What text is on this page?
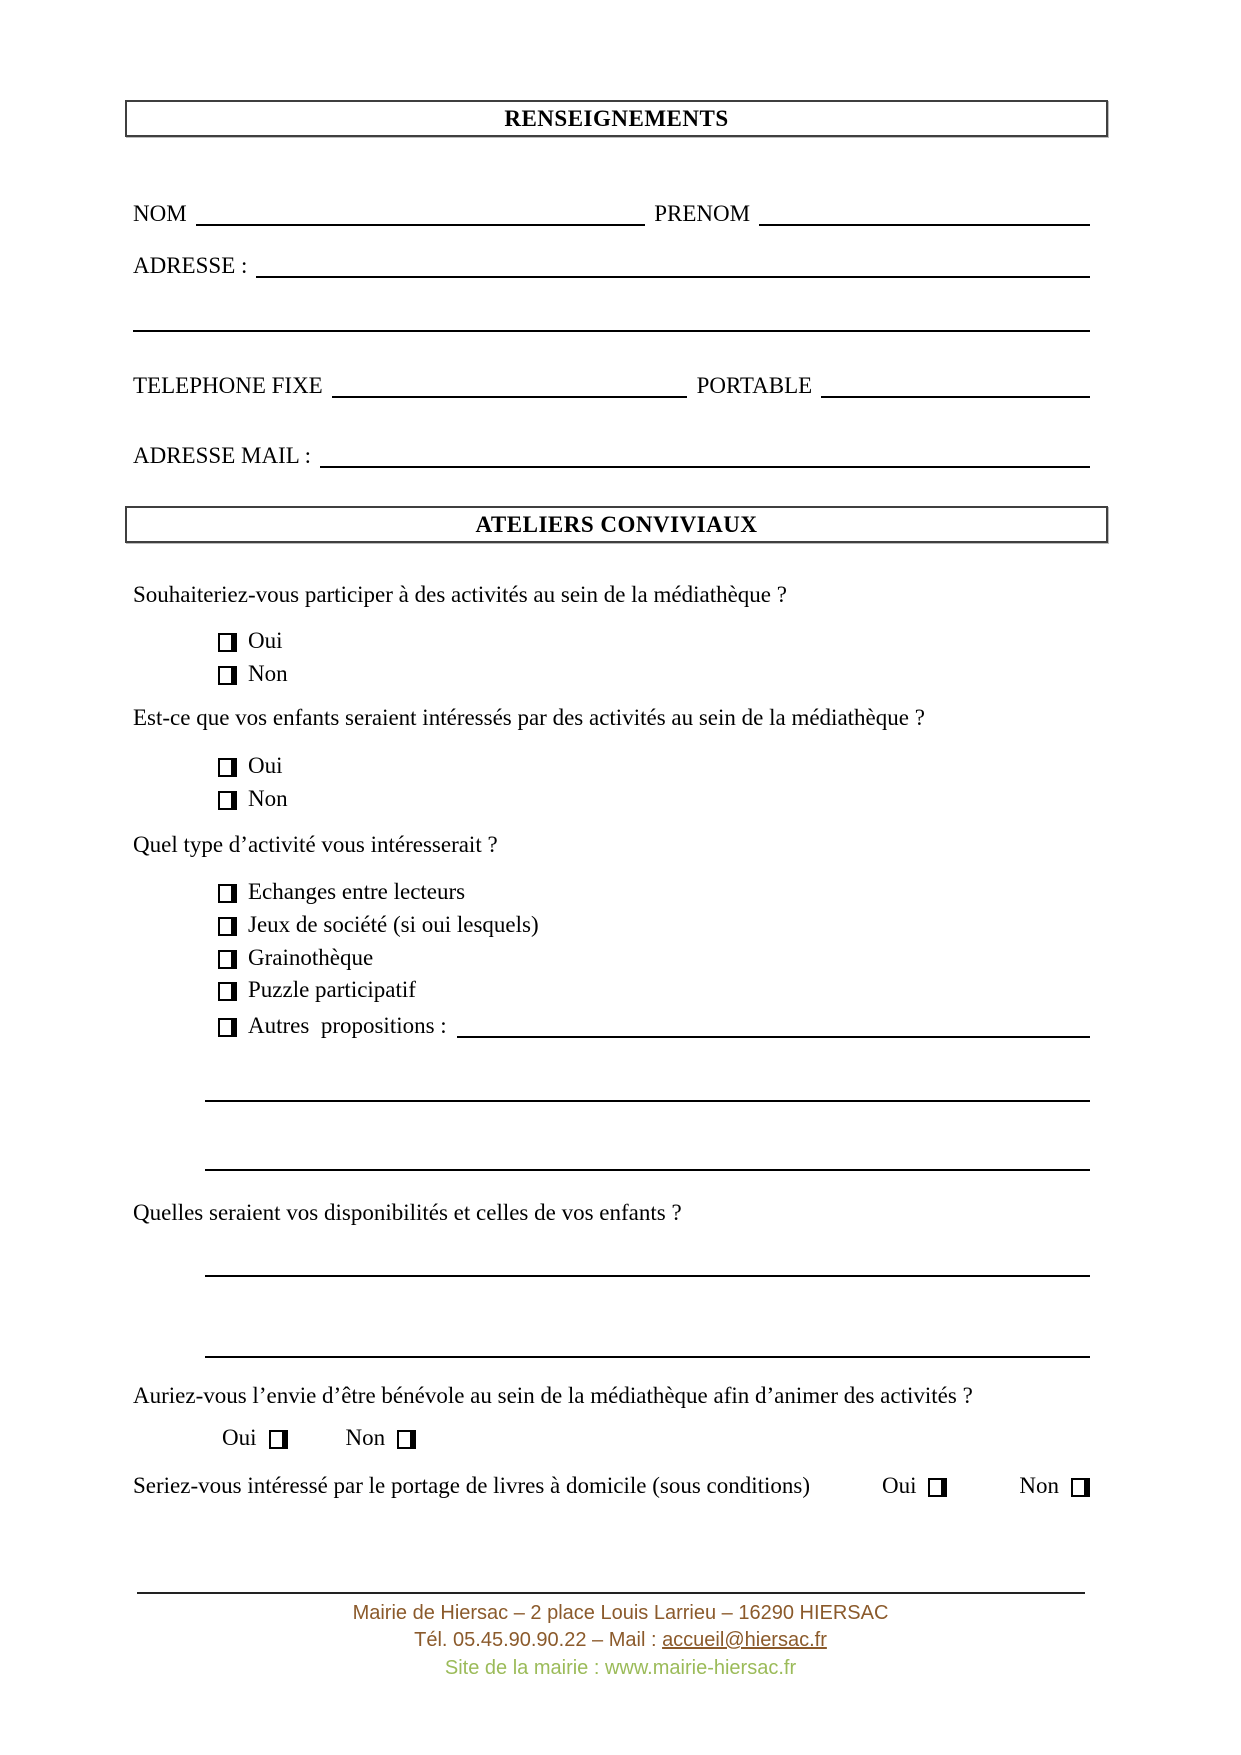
RENSEIGNEMENTS
NOM	PRENOM
ADRESSE :
TELEPHONE FIXE	PORTABLE
ADRESSE MAIL :
ATELIERS CONVIVIAUX
Souhaiteriez-vous participer à des activités au sein de la médiathèque ?
Oui
Non
Est-ce que vos enfants seraient intéressés par des activités au sein de la médiathèque ?
Oui
Non
Quel type d’activité vous intéresserait ?
Echanges entre lecteurs
Jeux de société (si oui lesquels)
Grainothèque
Puzzle participatif
Autres  propositions :
Quelles seraient vos disponibilités et celles de vos enfants ?
Auriez-vous l’envie d’être bénévole au sein de la médiathèque afin d’animer des activités ?
Oui	Non
Seriez-vous intéressé par le portage de livres à domicile (sous conditions)	Oui	Non
Mairie de Hiersac – 2 place Louis Larrieu – 16290 HIERSAC
Tél. 05.45.90.90.22 – Mail : accueil@hiersac.fr
Site de la mairie : www.mairie-hiersac.fr
